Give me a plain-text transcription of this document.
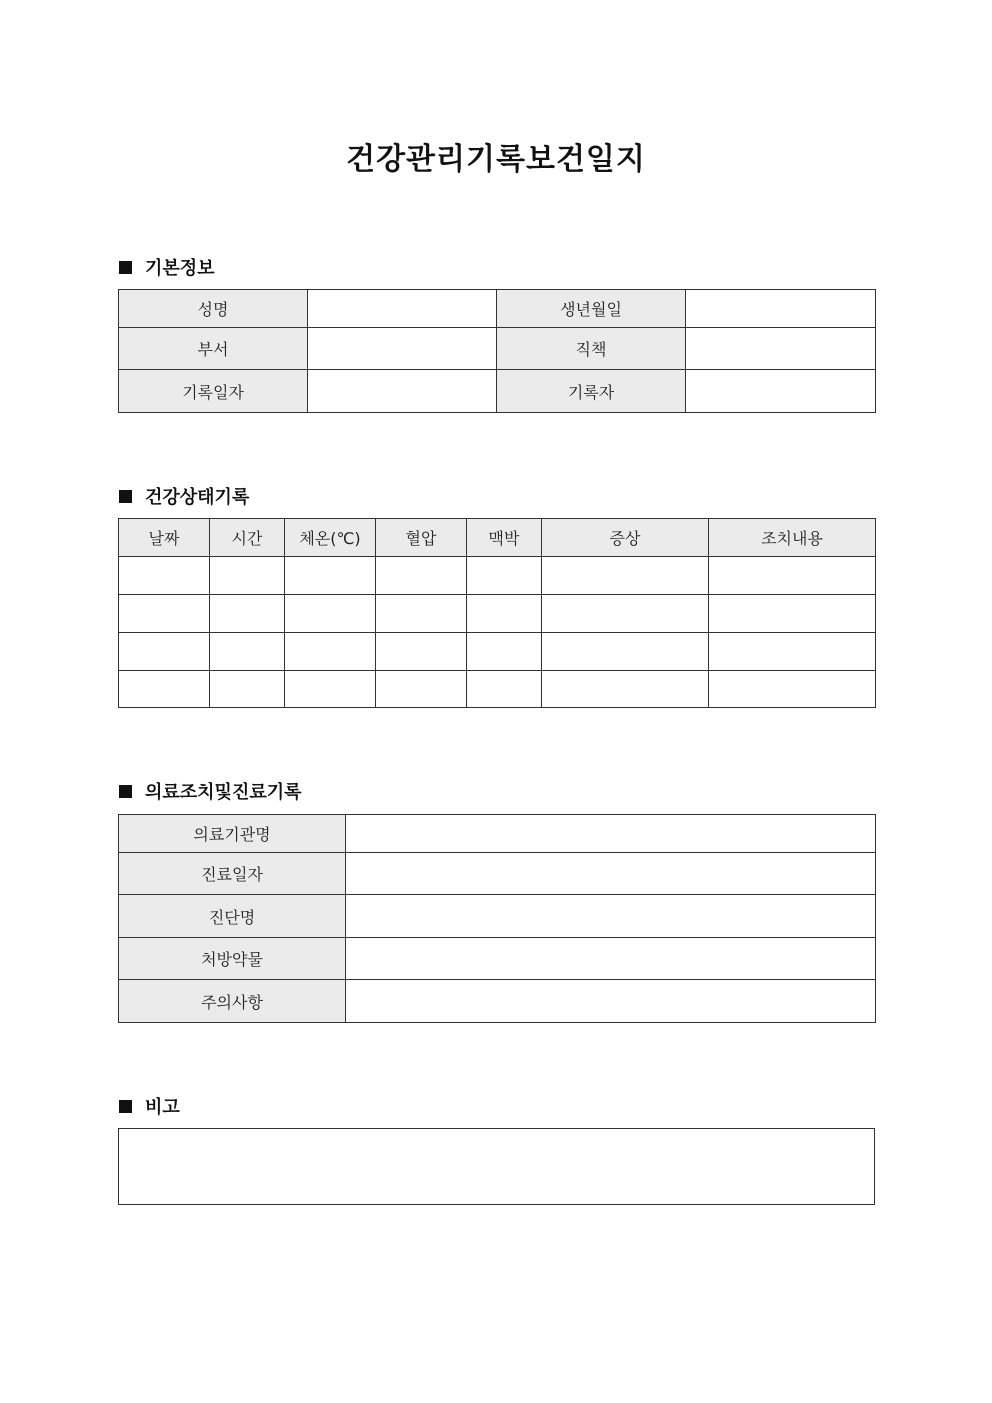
건강관리기록보건일지
기본정보
성명		생년월일	
부서		직책	
기록일자		기록자	
건강상태기록
날짜	시간	체온(℃)	혈압	맥박	증상	조치내용

의료조치및진료기록
의료기관명	
진료일자	
진단명	
처방약물	
주의사항	
비고
